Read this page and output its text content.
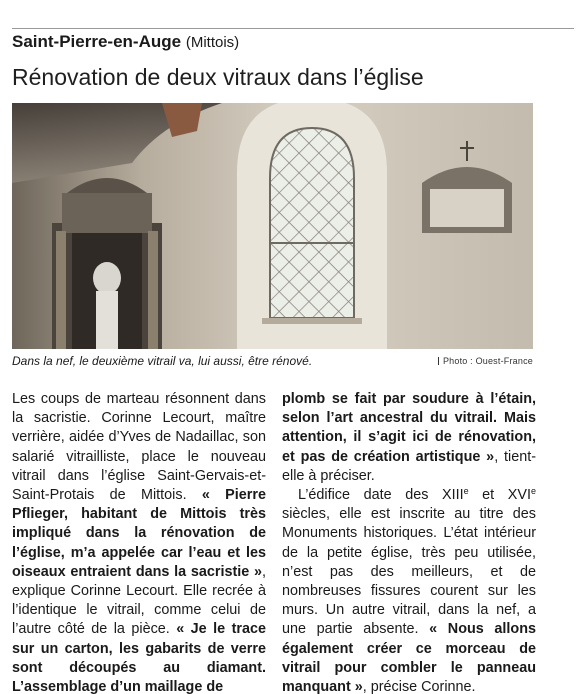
Saint-Pierre-en-Auge (Mittois)
Rénovation de deux vitraux dans l’église
Dans la nef, le deuxième vitrail va, lui aussi, être rénové.	Photo : Ouest-France

Les coups de marteau résonnent dans la sacristie. Corinne Lecourt, maître verrière, aidée d’Yves de Nadaillac, son salarié vitrailliste, place le nouveau vitrail dans l’église Saint-Gervais-et-Saint-Protais de Mittois. « Pierre Pflieger, habitant de Mittois très impliqué dans la rénovation de l’église, m’a appelée car l’eau et les oiseaux entraient dans la sacristie », explique Corinne Lecourt. Elle recrée à l’identique le vitrail, comme celui de l’autre côté de la pièce. « Je le trace sur un carton, les gabarits de verre sont découpés au diamant. L’assemblage d’un maillage de

plomb se fait par soudure à l’étain, selon l’art ancestral du vitrail. Mais attention, il s’agit ici de rénovation, et pas de création artistique », tient-elle à préciser.

L’édifice date des XIIIe et XVIe siècles, elle est inscrite au titre des Monuments historiques. L’état intérieur de la petite église, très peu utilisée, n’est pas des meilleurs, et de nombreuses fissures courent sur les murs. Un autre vitrail, dans la nef, a une partie absente. « Nous allons également créer ce morceau de vitrail pour combler le panneau manquant », précise Corinne.
